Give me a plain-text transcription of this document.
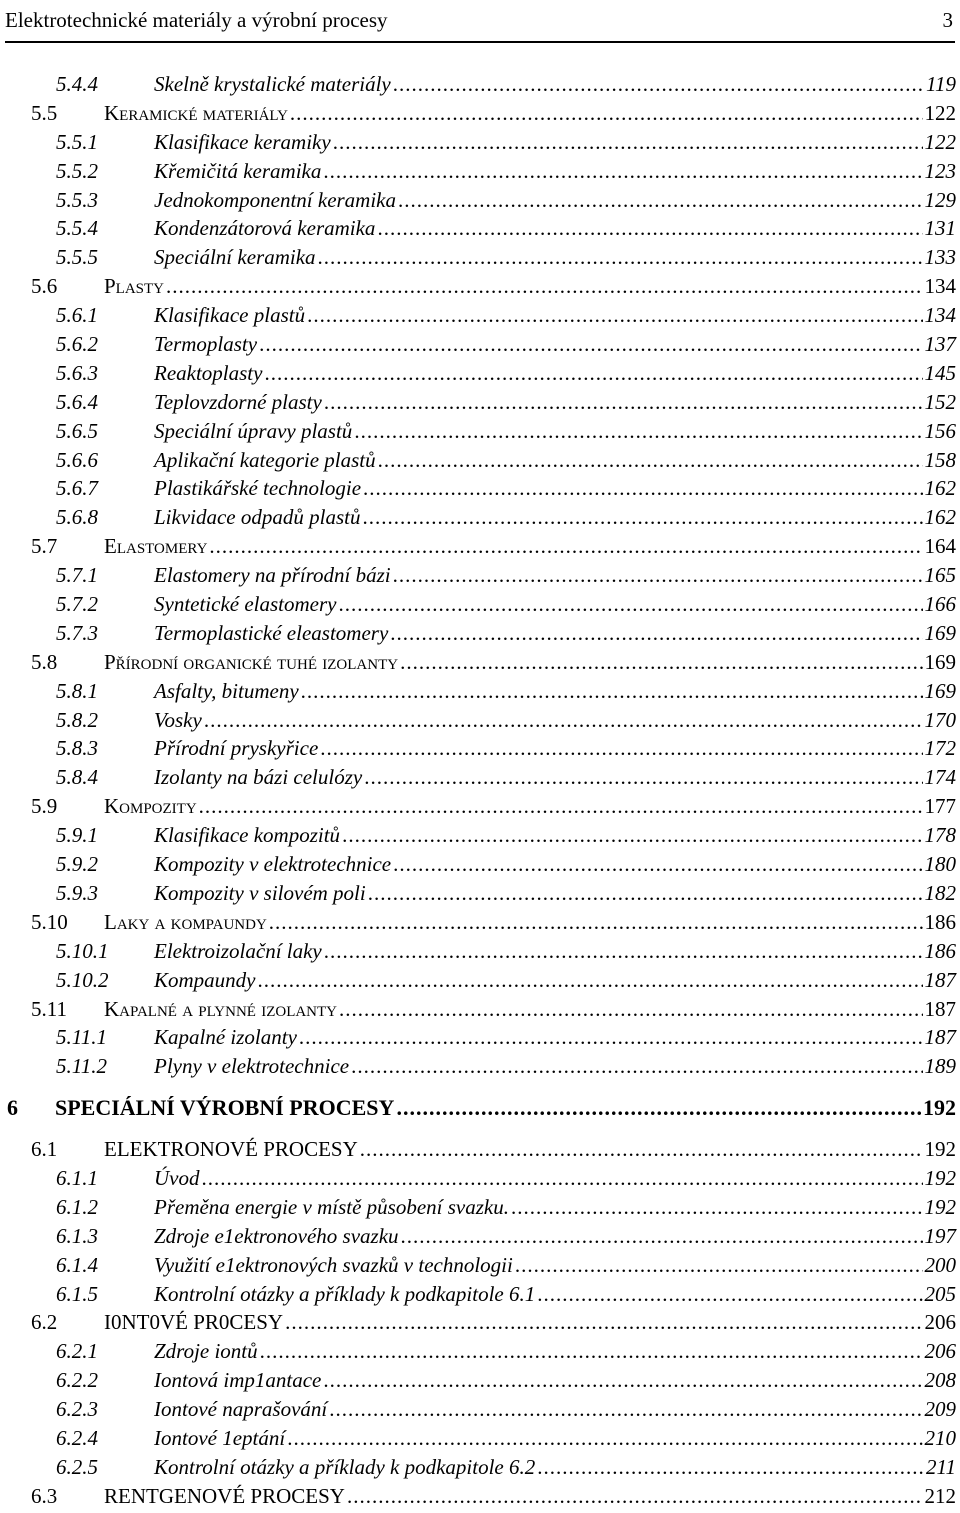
Elektrotechnické materiály a výrobní procesy	3
5.4.4	Skelně krystalické materiály .....	119
5.5	Keramické materiály .....	122
5.5.1	Klasifikace keramiky .....	122
5.5.2	Křemičitá keramika .....	123
5.5.3	Jednokomponentní keramika .....	129
5.5.4	Kondenzátorová keramika .....	131
5.5.5	Speciální keramika .....	133
5.6	Plasty .....	134
5.6.1	Klasifikace plastů .....	134
5.6.2	Termoplasty .....	137
5.6.3	Reaktoplasty .....	145
5.6.4	Teplovzdorné plasty .....	152
5.6.5	Speciální úpravy plastů .....	156
5.6.6	Aplikační kategorie plastů .....	158
5.6.7	Plastikářské technologie .....	162
5.6.8	Likvidace odpadů plastů .....	162
5.7	Elastomery .....	164
5.7.1	Elastomery na přírodní bázi .....	165
5.7.2	Syntetické elastomery .....	166
5.7.3	Termoplastické eleastomery .....	169
5.8	Přírodní organické tuhé izolanty .....	169
5.8.1	Asfalty, bitumeny .....	169
5.8.2	Vosky .....	170
5.8.3	Přírodní pryskyřice .....	172
5.8.4	Izolanty na bázi celulózy .....	174
5.9	Kompozity .....	177
5.9.1	Klasifikace kompozitů .....	178
5.9.2	Kompozity v elektrotechnice .....	180
5.9.3	Kompozity v silovém poli .....	182
5.10	Laky a kompaundy .....	186
5.10.1	Elektroizolační laky .....	186
5.10.2	Kompaundy .....	187
5.11	Kapalné a plynné izolanty .....	187
5.11.1	Kapalné izolanty .....	187
5.11.2	Plyny v elektrotechnice .....	189
6	SPECIÁLNÍ VÝROBNÍ PROCESY .....	192
6.1	ELEKTRONOVÉ PROCESY .....	192
6.1.1	Úvod .....	192
6.1.2	Přeměna energie v místě působení svazku. .....	192
6.1.3	Zdroje e1ektronového svazku .....	197
6.1.4	Využití e1ektronových svazků v technologii .....	200
6.1.5	Kontrolní otázky a příklady k podkapitole 6.1 .....	205
6.2	I0NT0VÉ PR0CESY .....	206
6.2.1	Zdroje iontů .....	206
6.2.2	Iontová imp1antace .....	208
6.2.3	Iontové naprašování .....	209
6.2.4	Iontové 1eptání .....	210
6.2.5	Kontrolní otázky a příklady k podkapitole 6.2 .....	211
6.3	RENTGENOVÉ PROCESY .....	212
